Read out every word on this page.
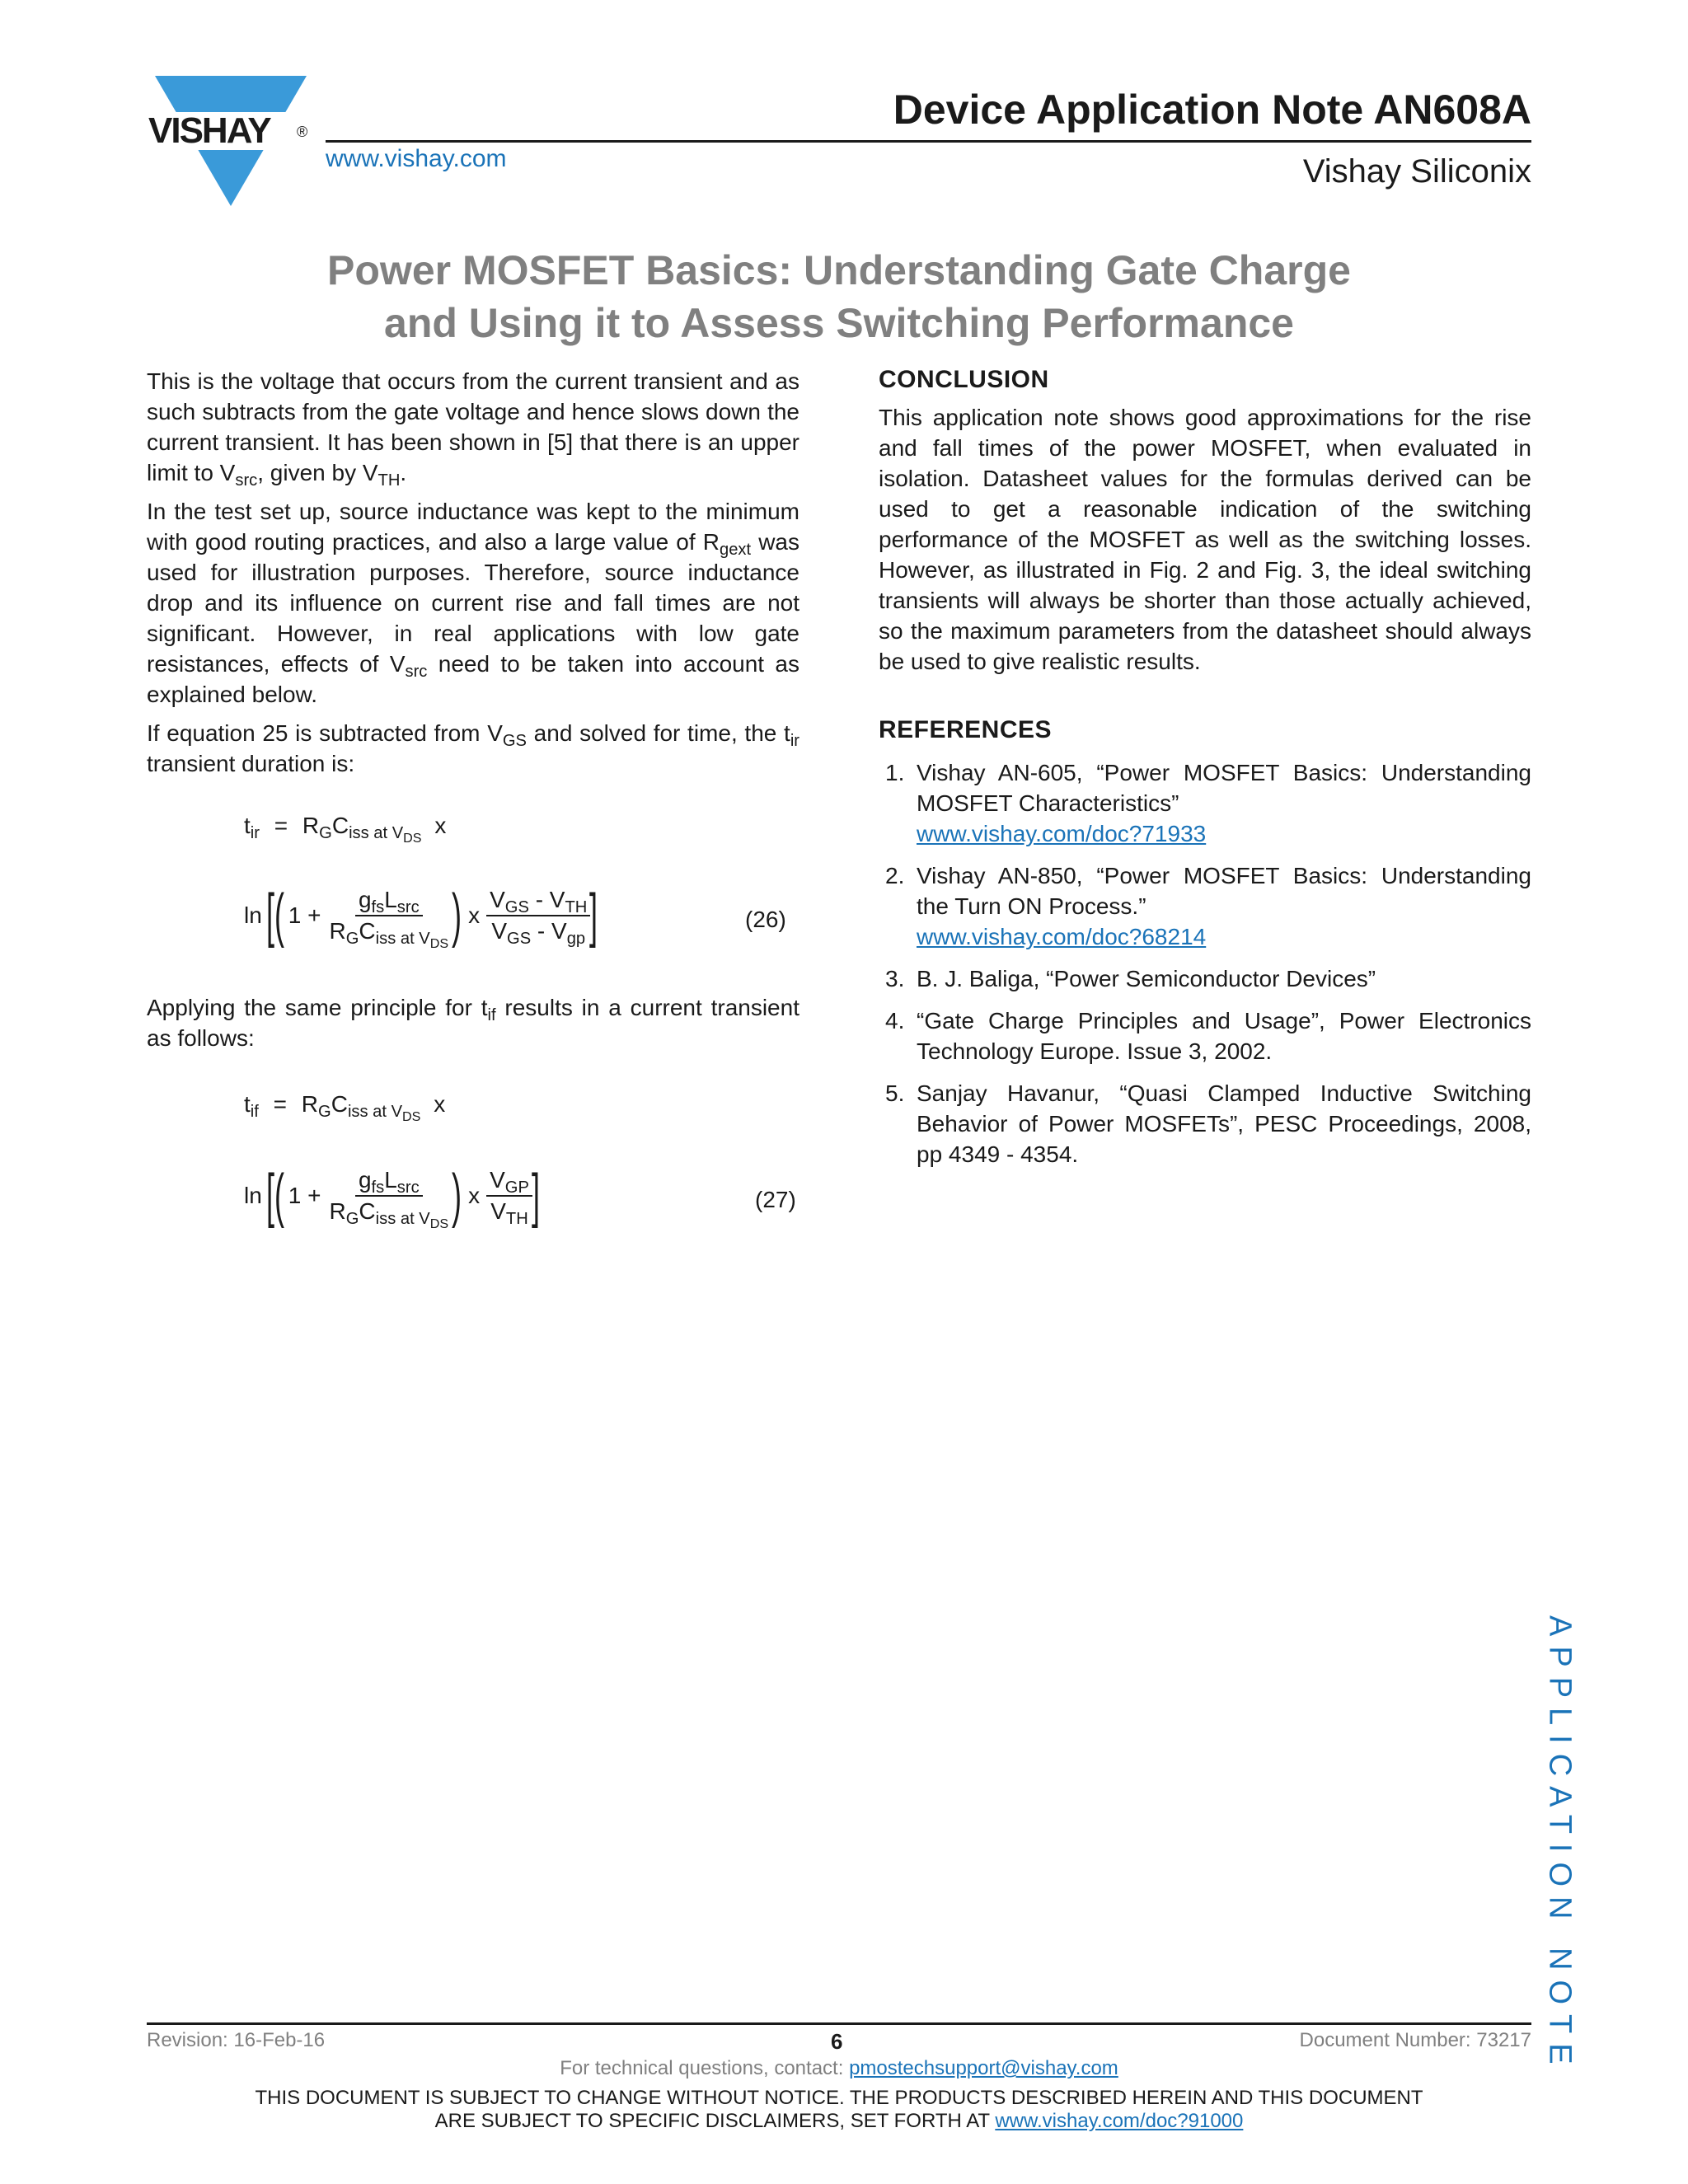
VISHAY ®
www.vishay.com
Device Application Note AN608A
Vishay Siliconix
Power MOSFET Basics: Understanding Gate Charge
and Using it to Assess Switching Performance

This is the voltage that occurs from the current transient and as such subtracts from the gate voltage and hence slows down the current transient. It has been shown in [5] that there is an upper limit to $V_{src}$, given by $V_{TH}$.

In the test set up, source inductance was kept to the minimum with good routing practices, and also a large value of $R_{gext}$ was used for illustration purposes. Therefore, source inductance drop and its influence on current rise and fall times are not significant. However, in real applications with low gate resistances, effects of $V_{src}$ need to be taken into account as explained below.

If equation 25 is subtracted from $V_{GS}$ and solved for time, the $t_{ir}$ transient duration is:

$t_{ir} = R_GC_{iss at V_{DS}}$ x
ln [( $1 + \frac{g_{fs}L_{src}}{R_GC_{iss at V_{DS}}}$ ) x $\frac{V_{GS} - V_{TH}}{V_{GS} - V_{gp}}$ ]	(26)

Applying the same principle for $t_{if}$ results in a current transient as follows:

$t_{if} = R_GC_{iss at V_{DS}}$ x
ln [( $1 + \frac{g_{fs}L_{src}}{R_GC_{iss at V_{DS}}}$ ) x $\frac{V_{GP}}{V_{TH}}$ ]	(27)
CONCLUSION

This application note shows good approximations for the rise and fall times of the power MOSFET, when evaluated in isolation. Datasheet values for the formulas derived can be used to get a reasonable indication of the switching performance of the MOSFET as well as the switching losses. However, as illustrated in Fig. 2 and Fig. 3, the ideal switching transients will always be shorter than those actually achieved, so the maximum parameters from the datasheet should always be used to give realistic results.

REFERENCES
1. Vishay AN-605, “Power MOSFET Basics: Understanding MOSFET Characteristics”
www.vishay.com/doc?71933
2. Vishay AN-850, “Power MOSFET Basics: Understanding the Turn ON Process.”
www.vishay.com/doc?68214
3. B. J. Baliga, “Power Semiconductor Devices”
4. “Gate Charge Principles and Usage”, Power Electronics Technology Europe. Issue 3, 2002.
5. Sanjay Havanur, “Quasi Clamped Inductive Switching Behavior of Power MOSFETs”, PESC Proceedings, 2008, pp 4349 - 4354.
APPLICATION NOTE
Revision: 16-Feb-16	6	Document Number: 73217
For technical questions, contact: pmostechsupport@vishay.com
THIS DOCUMENT IS SUBJECT TO CHANGE WITHOUT NOTICE. THE PRODUCTS DESCRIBED HEREIN AND THIS DOCUMENT
ARE SUBJECT TO SPECIFIC DISCLAIMERS, SET FORTH AT www.vishay.com/doc?91000
